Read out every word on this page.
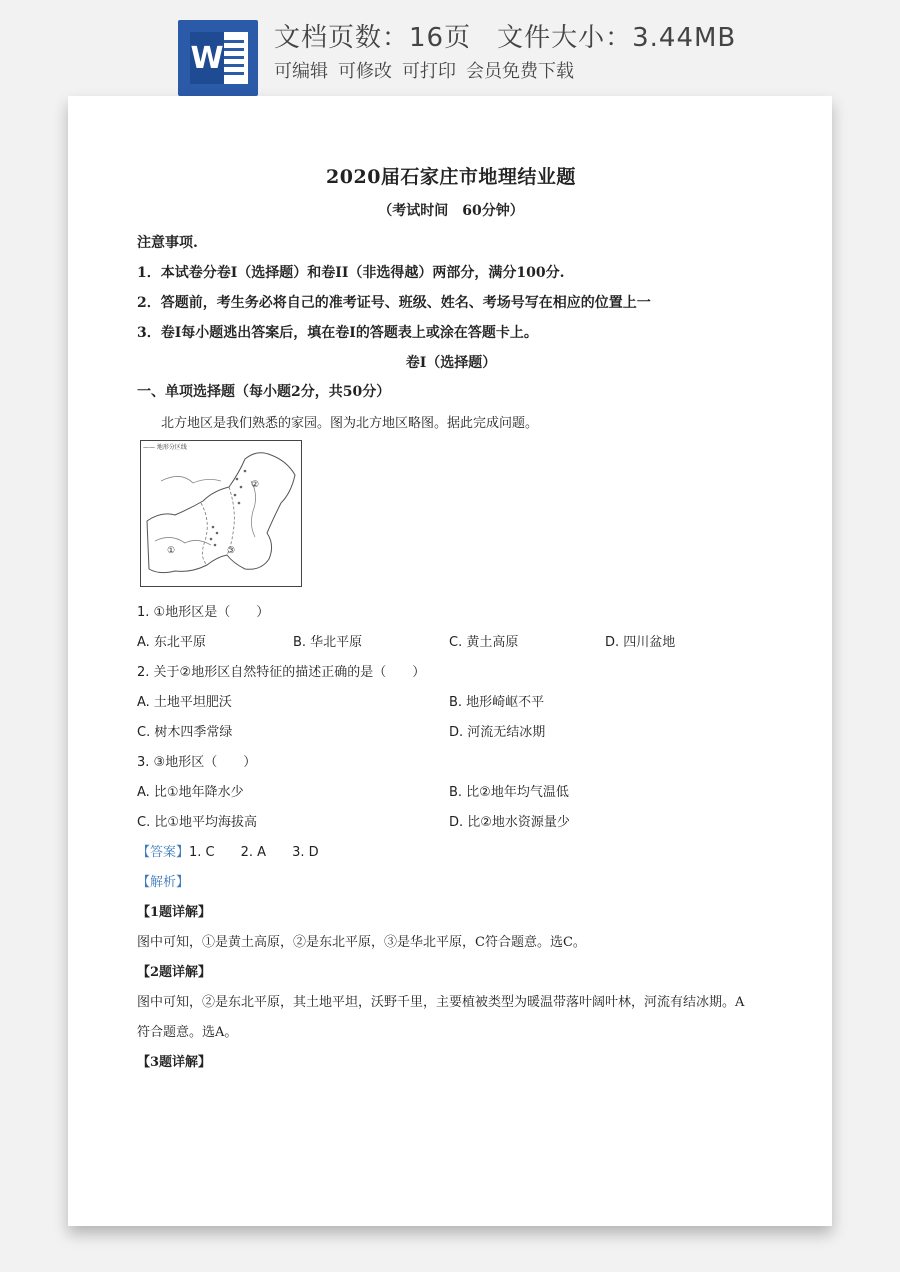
W
文档页数：16页 文件大小：3.44MB
可编辑 可修改 可打印 会员免费下载
2020届石家庄市地理结业题
（考试时间　60分钟）
注意事项.
1．本试卷分卷Ⅰ（选择题）和卷II（非选得越）两部分，满分100分.
2．答题前，考生务必将自己的准考证号、班级、姓名、考场号写在相应的位置上一
3．卷Ⅰ每小题逃出答案后，填在卷Ⅰ的答题表上或涂在答题卡上。
卷Ⅰ（选择题）
一、单项选择题（每小题2分，共50分）
北方地区是我们熟悉的家园。图为北方地区略图。据此完成问题。
②
①	③
—— 地形分区线
1. ①地形区是（　　）
A. 东北平原	B. 华北平原	C. 黄土高原	D. 四川盆地
2. 关于②地形区自然特征的描述正确的是（　　）
A. 土地平坦肥沃	B. 地形崎岖不平
C. 树木四季常绿	D. 河流无结冰期
3. ③地形区（　　）
A. 比①地年降水少	B. 比②地年均气温低
C. 比①地平均海拔高	D. 比②地水资源量少
【答案】1. C 2. A 3. D
【解析】
【1题详解】
图中可知，①是黄土高原，②是东北平原，③是华北平原，C符合题意。选C。
【2题详解】
图中可知，②是东北平原，其土地平坦，沃野千里，主要植被类型为暖温带落叶阔叶林，河流有结冰期。A
符合题意。选A。
【3题详解】
